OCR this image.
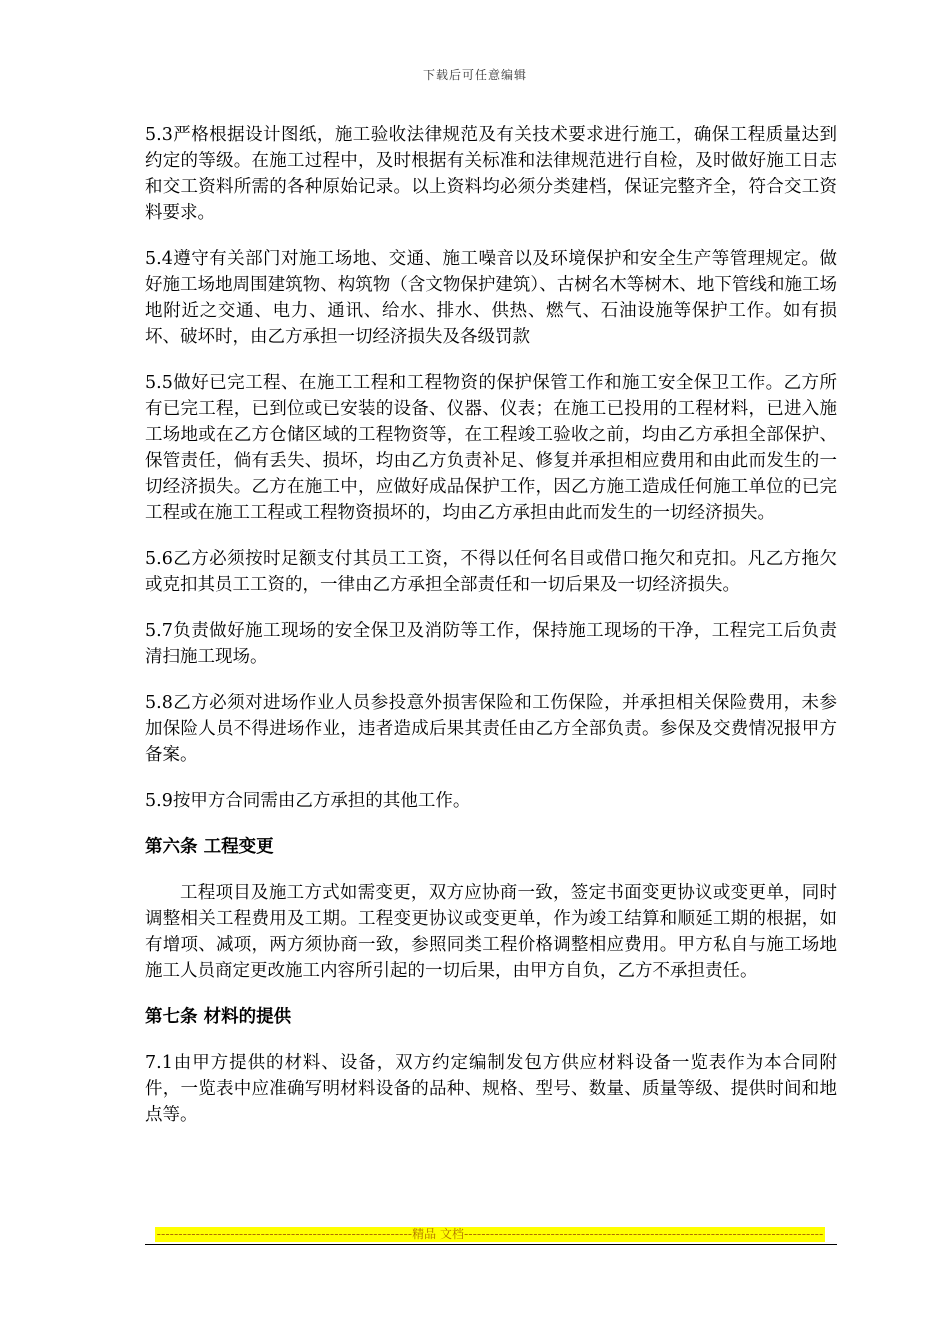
下载后可任意编辑

5.3严格根据设计图纸，施工验收法律规范及有关技术要求进行施工，确保工程质量达到约定的等级。在施工过程中，及时根据有关标准和法律规范进行自检，及时做好施工日志和交工资料所需的各种原始记录。以上资料均必须分类建档，保证完整齐全，符合交工资料要求。

5.4遵守有关部门对施工场地、交通、施工噪音以及环境保护和安全生产等管理规定。做好施工场地周围建筑物、构筑物（含文物保护建筑）、古树名木等树木、地下管线和施工场地附近之交通、电力、通讯、给水、排水、供热、燃气、石油设施等保护工作。如有损坏、破坏时，由乙方承担一切经济损失及各级罚款

5.5做好已完工程、在施工工程和工程物资的保护保管工作和施工安全保卫工作。乙方所有已完工程，已到位或已安装的设备、仪器、仪表；在施工已投用的工程材料，已进入施工场地或在乙方仓储区域的工程物资等，在工程竣工验收之前，均由乙方承担全部保护、保管责任，倘有丢失、损坏，均由乙方负责补足、修复并承担相应费用和由此而发生的一切经济损失。乙方在施工中，应做好成品保护工作，因乙方施工造成任何施工单位的已完工程或在施工工程或工程物资损坏的，均由乙方承担由此而发生的一切经济损失。

5.6乙方必须按时足额支付其员工工资，不得以任何名目或借口拖欠和克扣。凡乙方拖欠或克扣其员工工资的，一律由乙方承担全部责任和一切后果及一切经济损失。

5.7负责做好施工现场的安全保卫及消防等工作，保持施工现场的干净，工程完工后负责清扫施工现场。

5.8乙方必须对进场作业人员参投意外损害保险和工伤保险，并承担相关保险费用，未参加保险人员不得进场作业，违者造成后果其责任由乙方全部负责。参保及交费情况报甲方备案。

5.9按甲方合同需由乙方承担的其他工作。

第六条 工程变更

工程项目及施工方式如需变更，双方应协商一致，签定书面变更协议或变更单，同时调整相关工程费用及工期。工程变更协议或变更单，作为竣工结算和顺延工期的根据，如有增项、减项，两方须协商一致，参照同类工程价格调整相应费用。甲方私自与施工场地施工人员商定更改施工内容所引起的一切后果，由甲方自负，乙方不承担责任。

第七条 材料的提供

7.1由甲方提供的材料、设备，双方约定编制发包方供应材料设备一览表作为本合同附件，一览表中应准确写明材料设备的品种、规格、型号、数量、质量等级、提供时间和地点等。

-----------------------------------------------------------精品 文档-----------------------------------------------------------------------------------
